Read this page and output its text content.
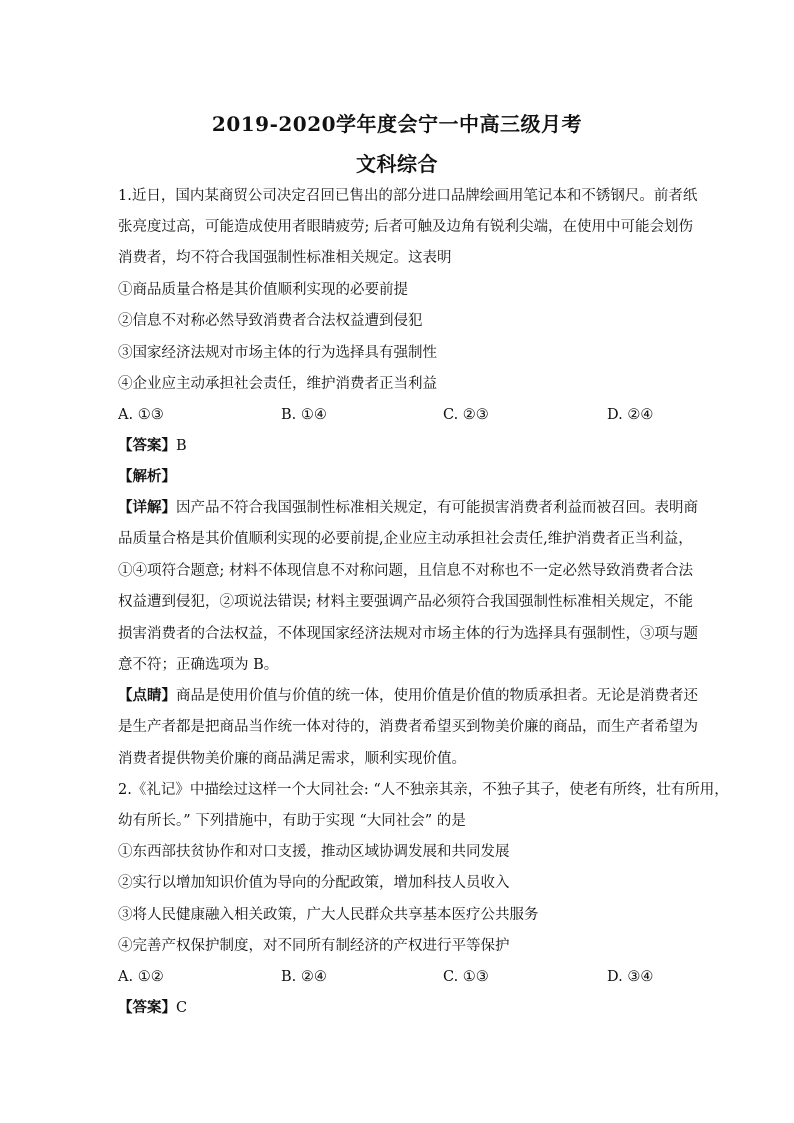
2019-2020学年度会宁一中高三级月考
文科综合
1.近日，国内某商贸公司决定召回已售出的部分进口品牌绘画用笔记本和不锈钢尺。前者纸
张亮度过高，可能造成使用者眼睛疲劳; 后者可触及边角有锐利尖端，在使用中可能会划伤
消费者，均不符合我国强制性标准相关规定。这表明
①商品质量合格是其价值顺利实现的必要前提
②信息不对称必然导致消费者合法权益遭到侵犯
③国家经济法规对市场主体的行为选择具有强制性
④企业应主动承担社会责任，维护消费者正当利益
A. ①③	B. ①④	C. ②③	D. ②④
【答案】B
【解析】
【详解】因产品不符合我国强制性标准相关规定，有可能损害消费者利益而被召回。表明商
品质量合格是其价值顺利实现的必要前提,企业应主动承担社会责任,维护消费者正当利益，
①④项符合题意; 材料不体现信息不对称问题，且信息不对称也不一定必然导致消费者合法
权益遭到侵犯，②项说法错误; 材料主要强调产品必须符合我国强制性标准相关规定，不能
损害消费者的合法权益，不体现国家经济法规对市场主体的行为选择具有强制性，③项与题
意不符；正确选项为 B。
【点睛】商品是使用价值与价值的统一体，使用价值是价值的物质承担者。无论是消费者还
是生产者都是把商品当作统一体对待的，消费者希望买到物美价廉的商品，而生产者希望为
消费者提供物美价廉的商品满足需求，顺利实现价值。
2.《礼记》中描绘过这样一个大同社会: “人不独亲其亲，不独子其子，使老有所终，壮有所用，
幼有所长。” 下列措施中，有助于实现 “大同社会” 的是
①东西部扶贫协作和对口支援，推动区域协调发展和共同发展
②实行以增加知识价值为导向的分配政策，增加科技人员收入
③将人民健康融入相关政策，广大人民群众共享基本医疗公共服务
④完善产权保护制度，对不同所有制经济的产权进行平等保护
A. ①②	B. ②④	C. ①③	D. ③④
【答案】C
